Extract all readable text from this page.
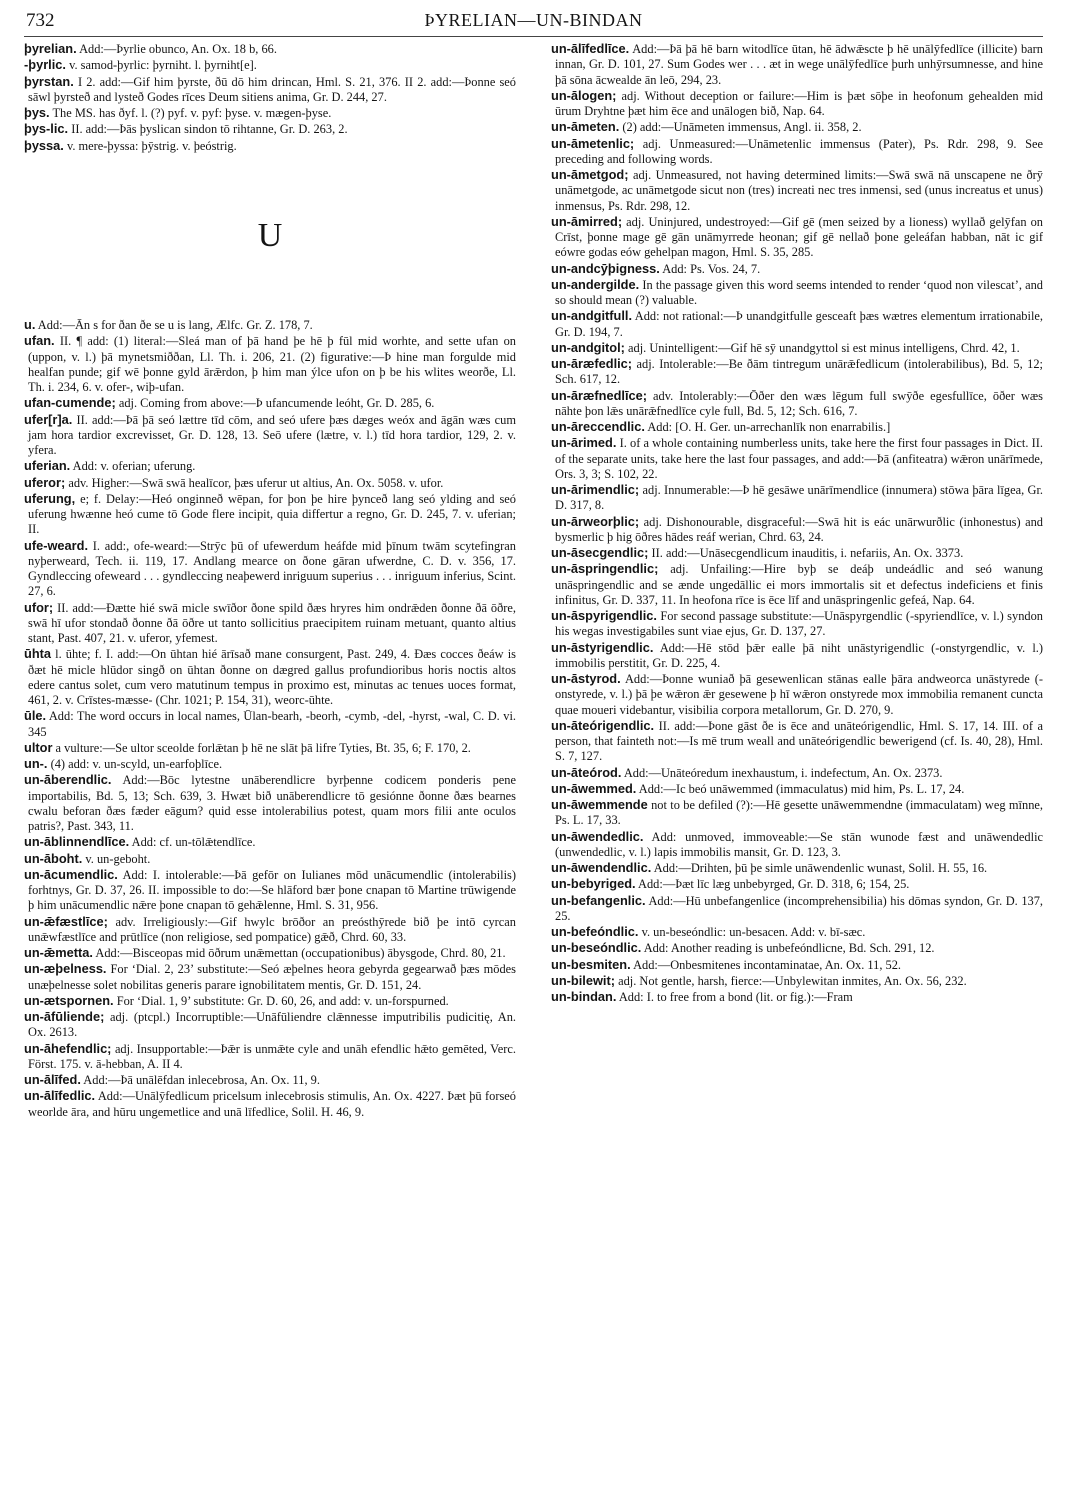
732	ÞYRELIAN—UN-BINDAN

þyrelian. Add:—Þyrlie obunco, An. Ox. 18 b, 66.

-þyrlic. v. samod-þyrlic: þyrniht. l. þyrniht[e].

þyrstan. I 2. add:—Gif him þyrste, ðū dō him drincan, Hml. S. 21, 376. II 2. add:—Þonne seó sāwl þyrsteð and lysteð Godes rīces Deum sitiens anima, Gr. D. 244, 27.

þys. The MS. has ðyf. l. (?) pyf. v. pyf: þyse. v. mægen-þyse.

þys-lic. II. add:—Þās þyslican sindon tō rihtanne, Gr. D. 263, 2.

þyssa. v. mere-þyssa: þӯstrig. v. þeóstrig.

U

u. Add:—Ān s for ðan ðe se u is lang, Ælfc. Gr. Z. 178, 7.

ufan. II. ¶ add: (1) literal:—Sleá man of þā hand þe hē þ fūl mid worhte, and sette ufan on (uppon, v. l.) þā mynetsmiððan, Ll. Th. i. 206, 21. (2) figurative:—Þ hine man forgulde mid healfan punde; gif wē þonne gyld ārǣrdon, þ him man ýlce ufon on þ be his wlites weorðe, Ll. Th. i. 234, 6. v. ofer-, wiþ-ufan.

ufan-cumende; adj. Coming from above:—Þ ufancumende leóht, Gr. D. 285, 6.

ufer[r]a. II. add:—Þā þā seó lættre tīd cōm, and seó ufere þæs dæges weóx and āgān wæs cum jam hora tardior excrevisset, Gr. D. 128, 13. Seō ufere (lætre, v. l.) tīd hora tardior, 129, 2. v. yfera.

uferian. Add: v. oferian; uferung.

uferor; adv. Higher:—Swā swā healīcor, þæs uferur ut altius, An. Ox. 5058. v. ufor.

uferung, e; f. Delay:—Heó onginneð wēpan, for þon þe hire þynceð lang seó ylding and seó uferung hwænne heó cume tō Gode flere incipit, quia differtur a regno, Gr. D. 245, 7. v. uferian; II.

ufe-weard. I. add:, ofe-weard:—Strӯc þū of ufewerdum heáfde mid þīnum twām scytefingran nyþerweard, Tech. ii. 119, 17. Andlang mearce on ðone gāran ufwerdne, C. D. v. 356, 17. Gyndleccing ofeweard . . . gyndleccing neaþewerd inriguum superius . . . inriguum inferius, Scint. 27, 6.

ufor; II. add:—Ðætte hié swā micle swīðor ðone spild ðæs hryres him ondrǣden ðonne ðā ōðre, swā hī ufor stondað ðonne ðā ōðre ut tanto sollicitius praecipitem ruinam metuant, quanto altius stant, Past. 407, 21. v. uferor, yfemest.

ūhta l. ūhte; f. I. add:—On ūhtan hié ārīsað mane consurgent, Past. 249, 4. Ðæs cocces ðeáw is ðæt hē micle hlūdor singð on ūhtan ðonne on dægred gallus profundioribus horis noctis altos edere cantus solet, cum vero matutinum tempus in proximo est, minutas ac tenues uoces format, 461, 2. v. Crīstes-mæsse- (Chr. 1021; P. 154, 31), weorc-ūhte.

ūle. Add: The word occurs in local names, Ūlan-bearh, -beorh, -cymb, -del, -hyrst, -wal, C. D. vi. 345

ultor a vulture:—Se ultor sceolde forlǣtan þ hē ne slāt þā lifre Tyties, Bt. 35, 6; F. 170, 2.

un-. (4) add: v. un-scyld, un-earfoþlīce.

un-āberendlic. Add:—Bōc lytestne unāberendlicre byrþenne codicem ponderis pene importabilis, Bd. 5, 13; Sch. 639, 3. Hwæt bið unāberendlicre tō gesiónne ðonne ðæs bearnes cwalu beforan ðæs fæder eāgum? quid esse intolerabilius potest, quam mors filii ante oculos patris?, Past. 343, 11.

un-āblinnendlīce. Add: cf. un-tōlǣtendlīce.

un-āboht. v. un-geboht.

un-ācumendlic. Add: I. intolerable:—Þā gefōr on Iulianes mōd unācumendlic (intolerabilis) forhtnys, Gr. D. 37, 26. II. impossible to do:—Se hlāford bær þone cnapan tō Martine trūwigende þ him unācumendlic nǣre þone cnapan tō gehǣlenne, Hml. S. 31, 956.

un-ǣfæstlīce; adv. Irreligiously:—Gif hwylc brōðor an preósthӯrede bið þe intō cyrcan unǣwfæstlīce and prūtlīce (non religiose, sed pompatice) gǣð, Chrd. 60, 33.

un-ǣmetta. Add:—Bisceopas mid ōðrum unǣmettan (occupationibus) ābysgode, Chrd. 80, 21.

un-æþelness. For ‘Dial. 2, 23’ substitute:—Seó æþelnes heora gebyrda gegearwað þæs mōdes unæþelnesse solet nobilitas generis parare ignobilitatem mentis, Gr. D. 151, 24.

un-ætspornen. For ‘Dial. 1, 9’ substitute: Gr. D. 60, 26, and add: v. un-forspurned.

un-āfūliende; adj. (ptcpl.) Incorruptible:—Unāfūliendre clǣnnesse imputribilis pudicitię, An. Ox. 2613.

un-āhefendlic; adj. Insupportable:—Þǣr is unmǣte cyle and unāh efendlic hǣto gemēted, Verc. Först. 175. v. ā-hebban, A. II 4.

un-ālīfed. Add:—Þā unālēfdan inlecebrosa, An. Ox. 11, 9.

un-ālīfedlic. Add:—Unālӯfedlicum pricelsum inlecebrosis stimulis, An. Ox. 4227. Þæt þū forseó weorlde āra, and hūru ungemetlice and unā līfedlice, Solil. H. 46, 9.

un-ālīfedlīce. Add:—Þā þā hē barn witodlīce ūtan, hē ādwǣscte þ hē unālӯfedlīce (illicite) barn innan, Gr. D. 101, 27. Sum Godes wer . . . æt in wege unālӯfedlīce þurh unhӯrsumnesse, and hine þā sōna ācwealde ān leō, 294, 23.

un-ālogen; adj. Without deception or failure:—Him is þæt sōþe in heofonum gehealden mid ūrum Dryhtne þæt him ēce and unālogen bið, Nap. 64.

un-āmeten. (2) add:—Unāmeten immensus, Angl. ii. 358, 2.

un-āmetenlic; adj. Unmeasured:—Unāmetenlic immensus (Pater), Ps. Rdr. 298, 9. See preceding and following words.

un-āmetgod; adj. Unmeasured, not having determined limits:—Swā swā nā unscapene ne ðrӯ unāmetgode, ac unāmetgode sicut non (tres) increati nec tres inmensi, sed (unus increatus et unus) inmensus, Ps. Rdr. 298, 12.

un-āmirred; adj. Uninjured, undestroyed:—Gif gē (men seized by a lioness) wyllað gelӯfan on Crīst, þonne mage gē gān unāmyrrede heonan; gif gē nellað þone geleáfan habban, nāt ic gif eówre godas eów gehelpan magon, Hml. S. 35, 285.

un-andcӯþigness. Add: Ps. Vos. 24, 7.

un-andergilde. In the passage given this word seems intended to render ‘quod non vilescat’, and so should mean (?) valuable.

un-andgitfull. Add: not rational:—Þ unandgitfulle gesceaft þæs wætres elementum irrationabile, Gr. D. 194, 7.

un-andgitol; adj. Unintelligent:—Gif hē sӯ unandgyttol si est minus intelligens, Chrd. 42, 1.

un-āræfedlic; adj. Intolerable:—Be ðām tintregum unārǣfedlicum (intolerabilibus), Bd. 5, 12; Sch. 617, 12.

un-āræfnedlīce; adv. Intolerably:—Ōðer den wæs lēgum full swӯðe egesfullīce, ōðer wæs nāhte þon lǣs unārǣfnedlīce cyle full, Bd. 5, 12; Sch. 616, 7.

un-āreccendlic. Add: [O. H. Ger. un-arrechanlīk non enarrabilis.]

un-ārimed. I. of a whole containing numberless units, take here the first four passages in Dict. II. of the separate units, take here the last four passages, and add:—Þā (anfiteatra) wǣron unārīmede, Ors. 3, 3; S. 102, 22.

un-ārimendlic; adj. Innumerable:—Þ hē gesāwe unārīmendlice (innumera) stōwa þāra līgea, Gr. D. 317, 8.

un-ārweorþlic; adj. Dishonourable, disgraceful:—Swā hit is eác unārwurðlic (inhonestus) and bysmerlic þ hig ōðres hādes reáf werian, Chrd. 63, 24.

un-āsecgendlic; II. add:—Unāsecgendlicum inauditis, i. nefariis, An. Ox. 3373.

un-āspringendlic; adj. Unfailing:—Hire byþ se deáþ undeádlic and seó wanung unāspringendlic and se ænde ungedāllic ei mors immortalis sit et defectus indeficiens et finis infinitus, Gr. D. 337, 11. In heofona rīce is ēce līf and unāspringenlic gefeá, Nap. 64.

un-āspyrigendlic. For second passage substitute:—Unāspyrgendlic (-spyriendlīce, v. l.) syndon his wegas investigabiles sunt viae ejus, Gr. D. 137, 27.

un-āstyrigendlic. Add:—Hē stōd þǣr ealle þā niht unāstyrigendlic (-onstyrgendlic, v. l.) immobilis perstitit, Gr. D. 225, 4.

un-āstyrod. Add:—Þonne wuniað þā gesewenlican stānas ealle þāra andweorca unāstyrede (-onstyrede, v. l.) þā þe wǣron ǣr gesewene þ hī wǣron onstyrede mox immobilia remanent cuncta quae moueri videbantur, visibilia corpora metallorum, Gr. D. 270, 9.

un-āteórigendlic. II. add:—Þone gāst ðe is ēce and unāteórigendlic, Hml. S. 17, 14. III. of a person, that fainteth not:—Is mē trum weall and unāteórigendlic bewerigend (cf. Is. 40, 28), Hml. S. 7, 127.

un-āteórod. Add:—Unāteóredum inexhaustum, i. indefectum, An. Ox. 2373.

un-āwemmed. Add:—Ic beó unāwemmed (immaculatus) mid him, Ps. L. 17, 24.

un-āwemmende not to be defiled (?):—Hē gesette unāwemmendne (immaculatam) weg mīnne, Ps. L. 17, 33.

un-āwendedlic. Add: unmoved, immoveable:—Se stān wunode fæst and unāwendedlic (unwendedlic, v. l.) lapis immobilis mansit, Gr. D. 123, 3.

un-āwendendlic. Add:—Drihten, þū þe simle unāwendenlic wunast, Solil. H. 55, 16.

un-bebyriged. Add:—Þæt līc læg unbebyrged, Gr. D. 318, 6; 154, 25.

un-befangenlic. Add:—Hū unbefangenlice (incomprehensibilia) his dōmas syndon, Gr. D. 137, 25.

un-befeóndlic. v. un-beseóndlic: un-besacen. Add: v. bī-sæc.

un-beseóndlic. Add: Another reading is unbefeóndlicne, Bd. Sch. 291, 12.

un-besmiten. Add:—Onbesmitenes incontaminatae, An. Ox. 11, 52.

un-bilewit; adj. Not gentle, harsh, fierce:—Unbylewitan inmites, An. Ox. 56, 232.

un-bindan. Add: I. to free from a bond (lit. or fig.):—Fram
